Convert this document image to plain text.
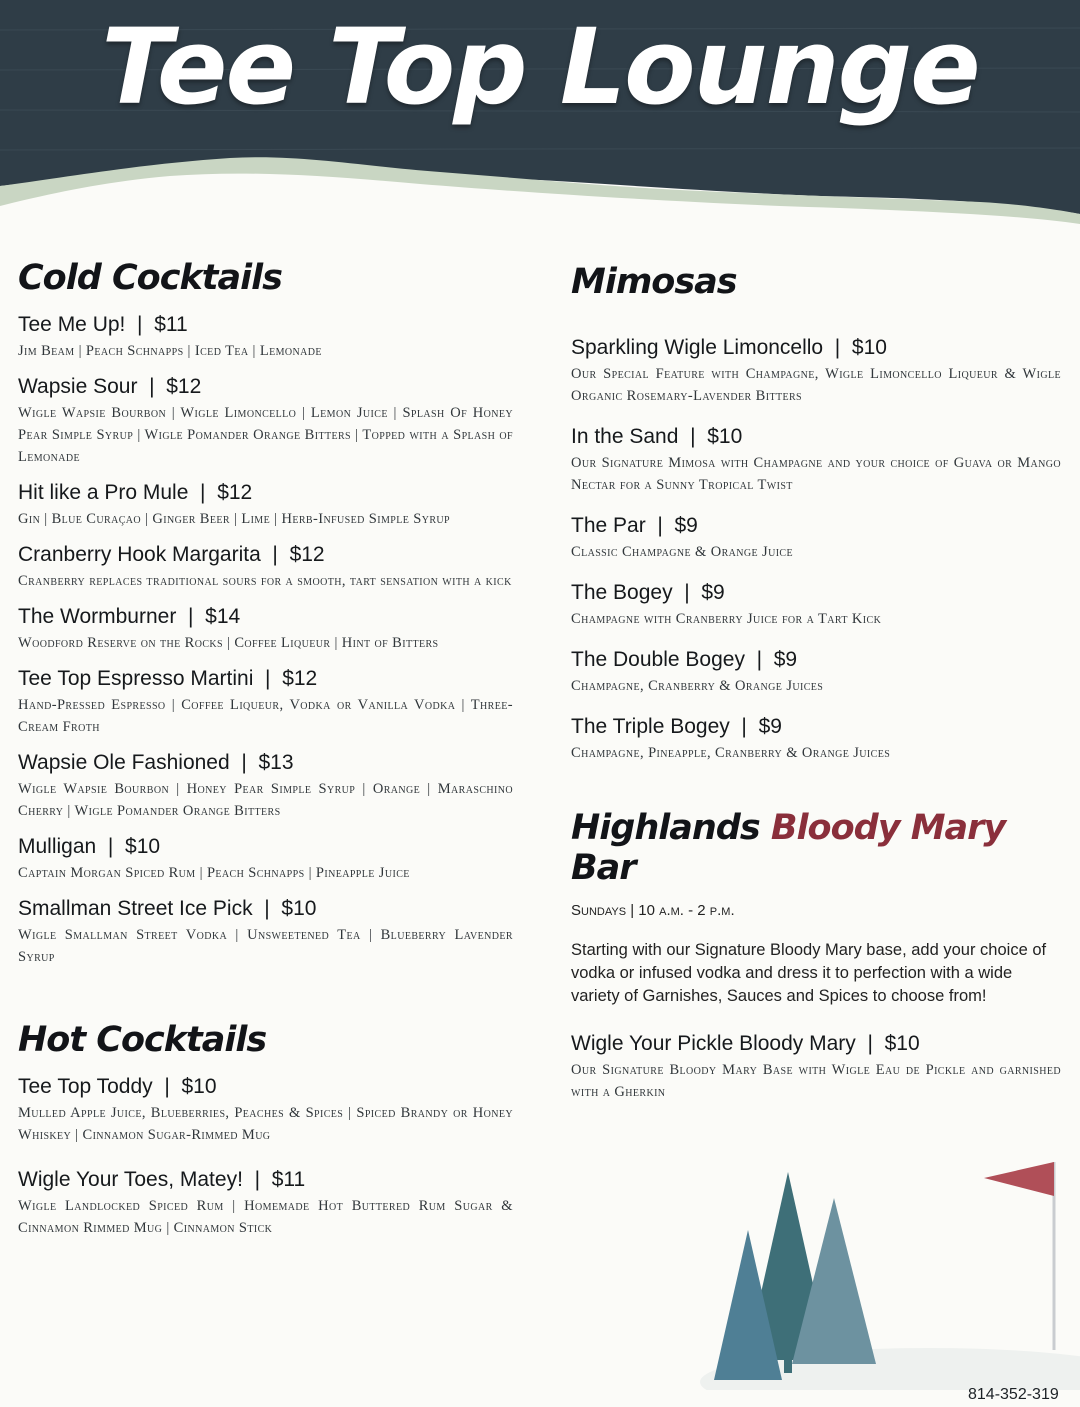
Tee Top Lounge
Cold Cocktails
Tee Me Up!  |  $11
Jim Beam | Peach Schnapps | Iced Tea | Lemonade
Wapsie Sour  |  $12
Wigle Wapsie Bourbon | Wigle Limoncello | Lemon Juice | Splash Of Honey Pear Simple Syrup | Wigle Pomander Orange Bitters | Topped with a Splash of Lemonade
Hit like a Pro Mule  |  $12
Gin | Blue Curaçao | Ginger Beer | Lime | Herb-Infused Simple Syrup
Cranberry Hook Margarita  |  $12
Cranberry replaces traditional sours for a smooth, tart sensation with a kick
The Wormburner  |  $14
Woodford Reserve on the Rocks | Coffee Liqueur | Hint of Bitters
Tee Top Espresso Martini  |  $12
Hand-Pressed Espresso | Coffee Liqueur, Vodka or Vanilla Vodka | Three-Cream Froth
Wapsie Ole Fashioned  |  $13
Wigle Wapsie Bourbon | Honey Pear Simple Syrup | Orange | Maraschino Cherry | Wigle Pomander Orange Bitters
Mulligan  |  $10
Captain Morgan Spiced Rum | Peach Schnapps | Pineapple Juice
Smallman Street Ice Pick  |  $10
Wigle Smallman Street Vodka | Unsweetened Tea | Blueberry Lavender Syrup
Hot Cocktails
Tee Top Toddy  |  $10
Mulled Apple Juice, Blueberries, Peaches & Spices | Spiced Brandy or Honey Whiskey | Cinnamon Sugar-Rimmed Mug
Wigle Your Toes, Matey!  |  $11
Wigle Landlocked Spiced Rum | Homemade Hot Buttered Rum Sugar & Cinnamon Rimmed Mug | Cinnamon Stick
Mimosas
Sparkling Wigle Limoncello  |  $10
Our Special Feature with Champagne, Wigle Limoncello Liqueur & Wigle Organic Rosemary-Lavender Bitters
In the Sand  |  $10
Our Signature Mimosa with Champagne and your choice of Guava or Mango Nectar for a Sunny Tropical Twist
The Par  |  $9
Classic Champagne & Orange Juice
The Bogey  |  $9
Champagne with Cranberry Juice for a Tart Kick
The Double Bogey  |  $9
Champagne, Cranberry & Orange Juices
The Triple Bogey  |  $9
Champagne, Pineapple, Cranberry & Orange Juices
Highlands Bloody Mary Bar
Sundays | 10 a.m. - 2 p.m.
Starting with our Signature Bloody Mary base, add your choice of vodka or infused vodka and dress it to perfection with a wide variety of Garnishes, Sauces and Spices to choose from!
Wigle Your Pickle Bloody Mary  |  $10
Our Signature Bloody Mary Base with Wigle Eau de Pickle and garnished with a Gherkin
814-352-319
